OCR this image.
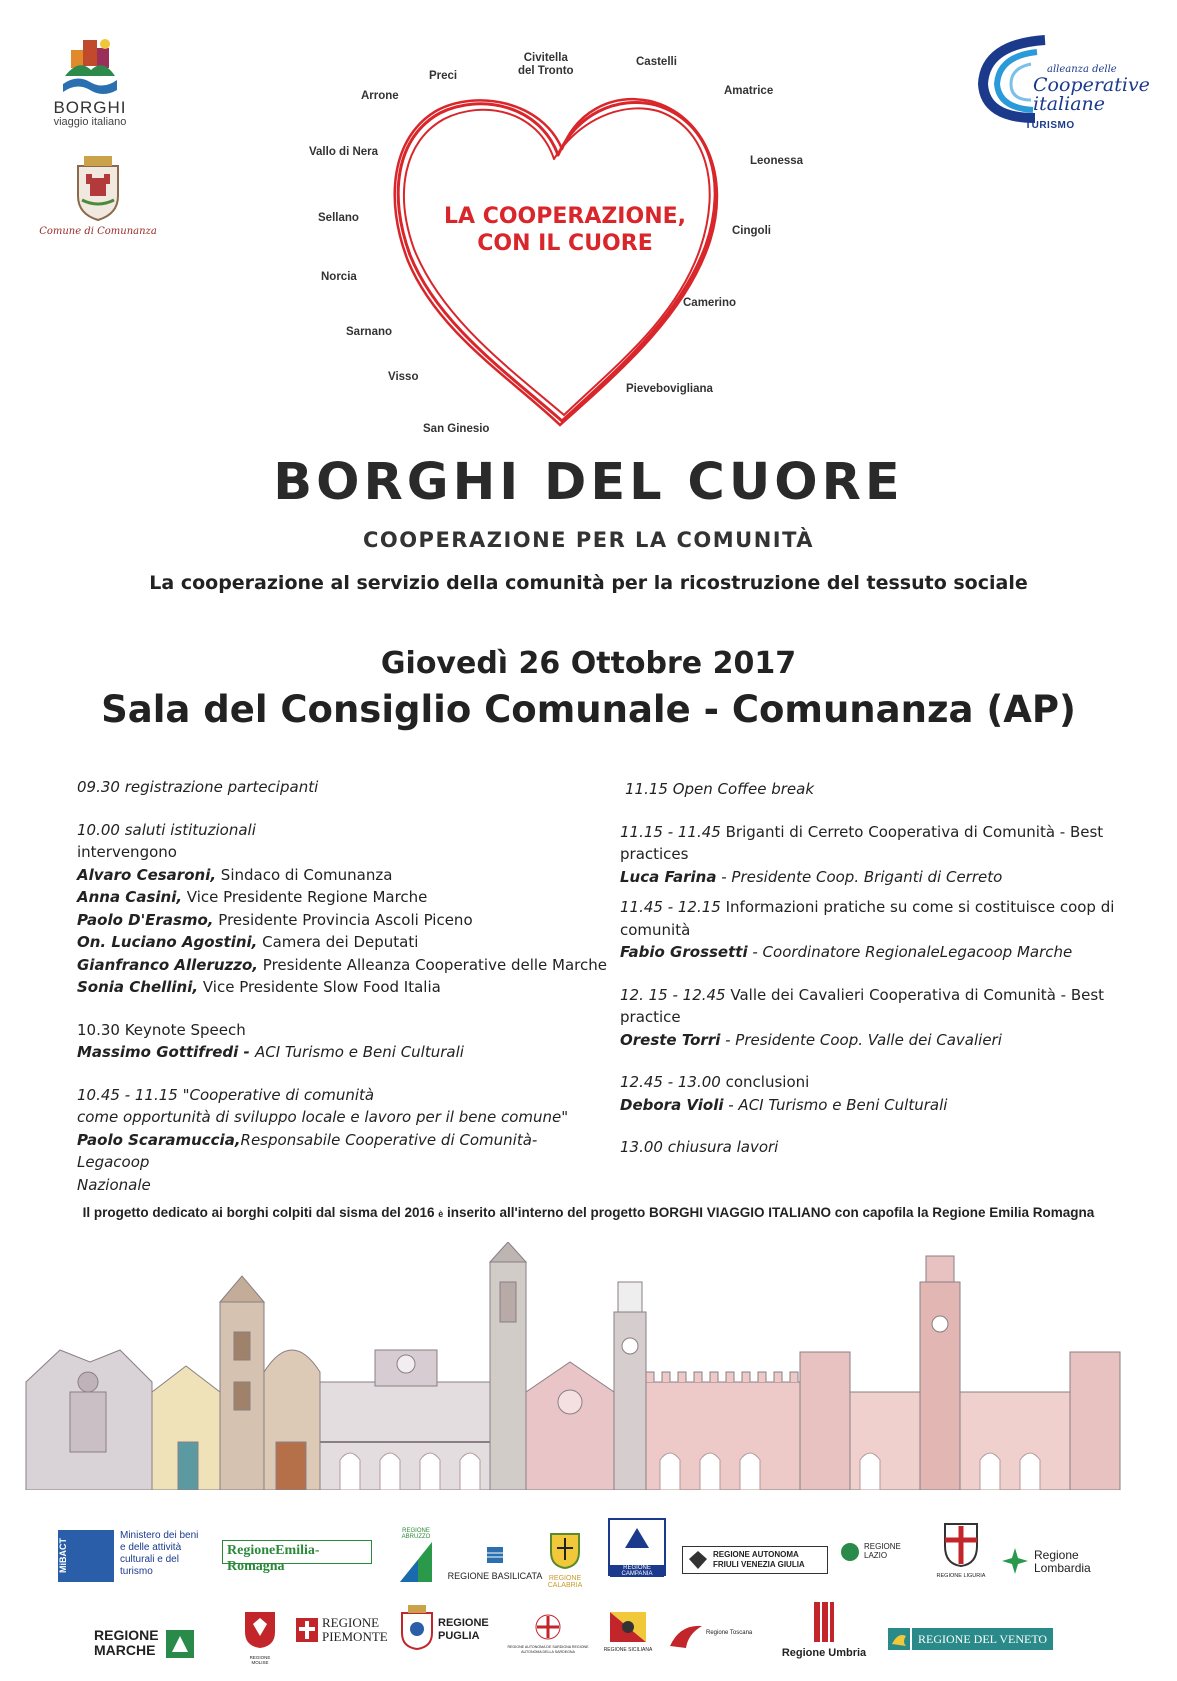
BORGHI
viaggio italiano
Comune di Comunanza
alleanza delle
Cooperative
italiane
TURISMO
LA COOPERAZIONE,
CON IL CUORE
Civitella
del Tronto
Castelli
Preci
Arrone	Amatrice
Vallo di Nera
Leonessa
Sellano
Cingoli
Norcia
Camerino
Sarnano
Visso
Pievebovigliana
San Ginesio
BORGHI DEL CUORE
COOPERAZIONE PER LA COMUNITÀ
La cooperazione al servizio della comunità per la ricostruzione del tessuto sociale
Giovedì 26 Ottobre 2017
Sala del Consiglio Comunale - Comunanza (AP)
09.30 registrazione partecipanti
10.00 saluti istituzionali
intervengono
Alvaro Cesaroni, Sindaco di Comunanza
Anna Casini, Vice Presidente Regione Marche
Paolo D'Erasmo, Presidente Provincia Ascoli Piceno
On. Luciano Agostini, Camera dei Deputati
Gianfranco Alleruzzo, Presidente Alleanza Cooperative delle Marche
Sonia Chellini, Vice Presidente Slow Food Italia
10.30 Keynote Speech
Massimo Gottifredi - ACI Turismo e Beni Culturali
10.45 - 11.15 "Cooperative di comunità
come opportunità di sviluppo locale e lavoro per il bene comune"
Paolo Scaramuccia,Responsabile Cooperative di Comunità- Legacoop
Nazionale
11.15 Open Coffee break
11.15 - 11.45 Briganti di Cerreto Cooperativa di Comunità - Best practices
Luca Farina - Presidente Coop. Briganti di Cerreto
11.45 - 12.15 Informazioni pratiche su come si costituisce coop di comunità
Fabio Grossetti - Coordinatore RegionaleLegacoop Marche
12. 15 - 12.45 Valle dei Cavalieri Cooperativa di Comunità - Best practice
Oreste Torri - Presidente Coop. Valle dei Cavalieri
12.45 - 13.00 conclusioni
Debora Violi - ACI Turismo e Beni Culturali
13.00 chiusura lavori
Il progetto dedicato ai borghi colpiti dal sisma del 2016 è inserito all'interno del progetto BORGHI VIAGGIO ITALIANO con capofila la Regione Emilia Romagna
MiBACT
Ministero dei beni e delle attività culturali e del turismo
RegioneEmilia-Romagna
REGIONE ABRUZZO
REGIONE BASILICATA REGIONE CALABRIA
REGIONE CAMPANIA
REGIONE AUTONOMA
FRIULI VENEZIA GIULIA
REGIONE
LAZIO
REGIONE LIGURIA
Regione
Lombardia
REGIONE
MARCHE	REGIONE MOLISE
REGIONE
PIEMONTE
REGIONE
PUGLIA
REGIONE AUTONOMA DE SARDIGNA REGIONE AUTONOMA DELLA SARDEGNA	REGIONE SICILIANA
Regione Toscana
Regione Umbria
REGIONE DEL VENETO
